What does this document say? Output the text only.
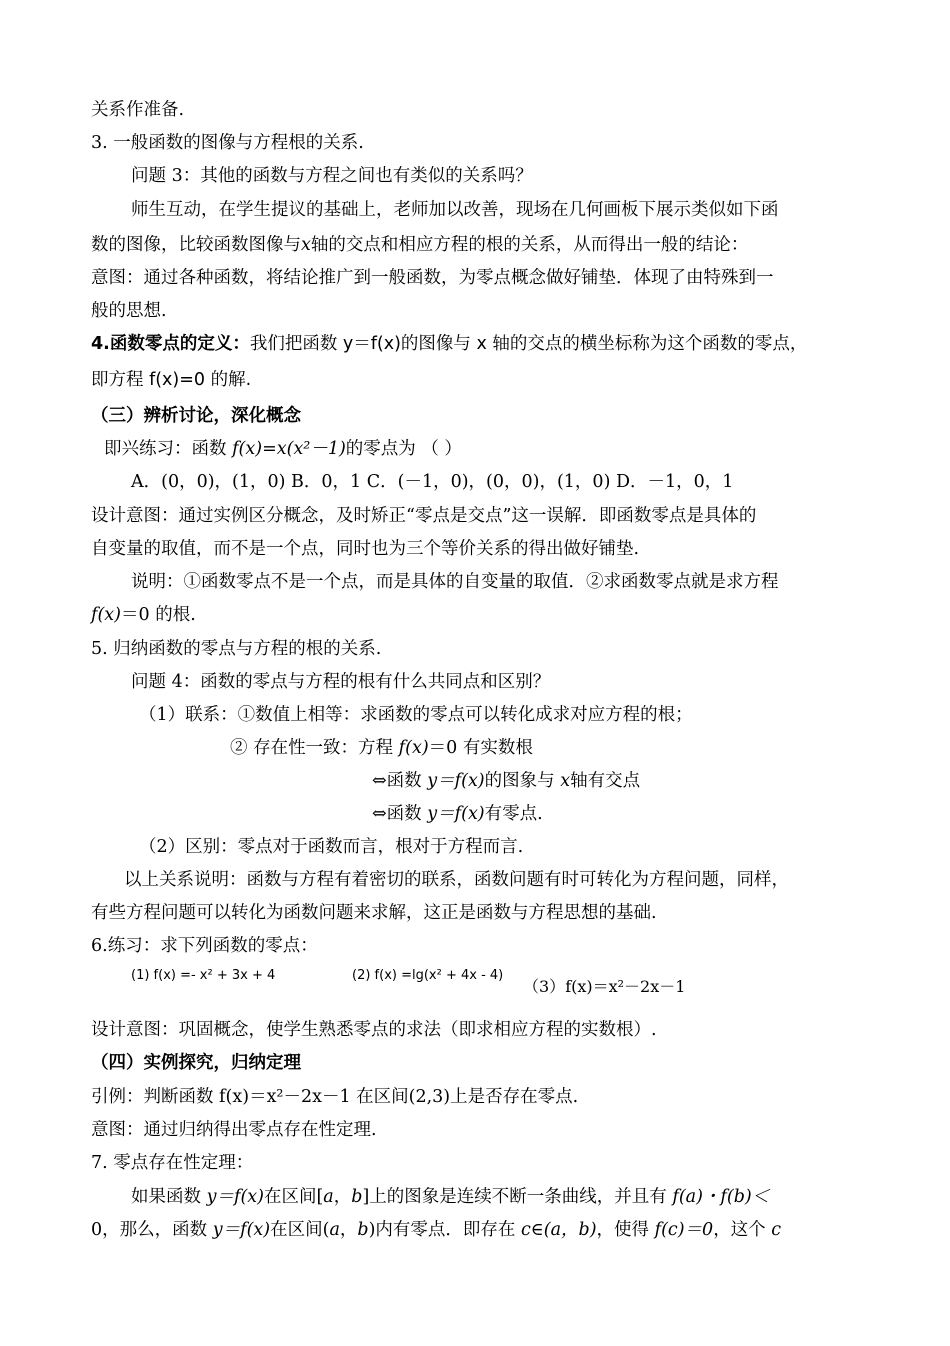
关系作准备.
3. 一般函数的图像与方程根的关系.
问题 3：其他的函数与方程之间也有类似的关系吗？
师生互动，在学生提议的基础上，老师加以改善，现场在几何画板下展示类似如下函
数的图像，比较函数图像与x轴的交点和相应方程的根的关系，从而得出一般的结论：
意图：通过各种函数，将结论推广到一般函数，为零点概念做好铺垫．体现了由特殊到一
般的思想.
4.函数零点的定义：我们把函数 y＝f(x)的图像与 x 轴的交点的横坐标称为这个函数的零点，
即方程 f(x)=0 的解.
（三）辨析讨论，深化概念
即兴练习：函数 f(x)=x(x²－1)的零点为 （ ）
A．(0，0)，(1，0) B．0，1 C．(－1，0)，(0，0)，(1，0) D．－1，0，1
设计意图：通过实例区分概念，及时矫正“零点是交点”这一误解．即函数零点是具体的
自变量的取值，而不是一个点，同时也为三个等价关系的得出做好铺垫.
说明：①函数零点不是一个点，而是具体的自变量的取值．②求函数零点就是求方程
f(x)＝0 的根.
5. 归纳函数的零点与方程的根的关系.
问题 4：函数的零点与方程的根有什么共同点和区别？
（1）联系：①数值上相等：求函数的零点可以转化成求对应方程的根；
② 存在性一致：方程 f(x)＝0 有实数根
⇔函数 y＝f(x)的图象与 x轴有交点
⇔函数 y＝f(x)有零点.
（2）区别：零点对于函数而言，根对于方程而言.
以上关系说明：函数与方程有着密切的联系，函数问题有时可转化为方程问题，同样，
有些方程问题可以转化为函数问题来求解，这正是函数与方程思想的基础.
6.练习：求下列函数的零点：
(1) f(x) =- x² + 3x + 4	(2) f(x) =lg(x² + 4x - 4)
（3）f(x)＝x²－2x－1
设计意图：巩固概念，使学生熟悉零点的求法（即求相应方程的实数根）.
（四）实例探究，归纳定理
引例：判断函数 f(x)＝x²－2x－1 在区间(2,3)上是否存在零点.
意图：通过归纳得出零点存在性定理.
7. 零点存在性定理：
如果函数 y＝f(x)在区间[a，b]上的图象是连续不断一条曲线，并且有 f(a)・f(b)＜
0，那么，函数 y＝f(x)在区间(a，b)内有零点．即存在 c∈(a，b)，使得 f(c)＝0，这个 c
